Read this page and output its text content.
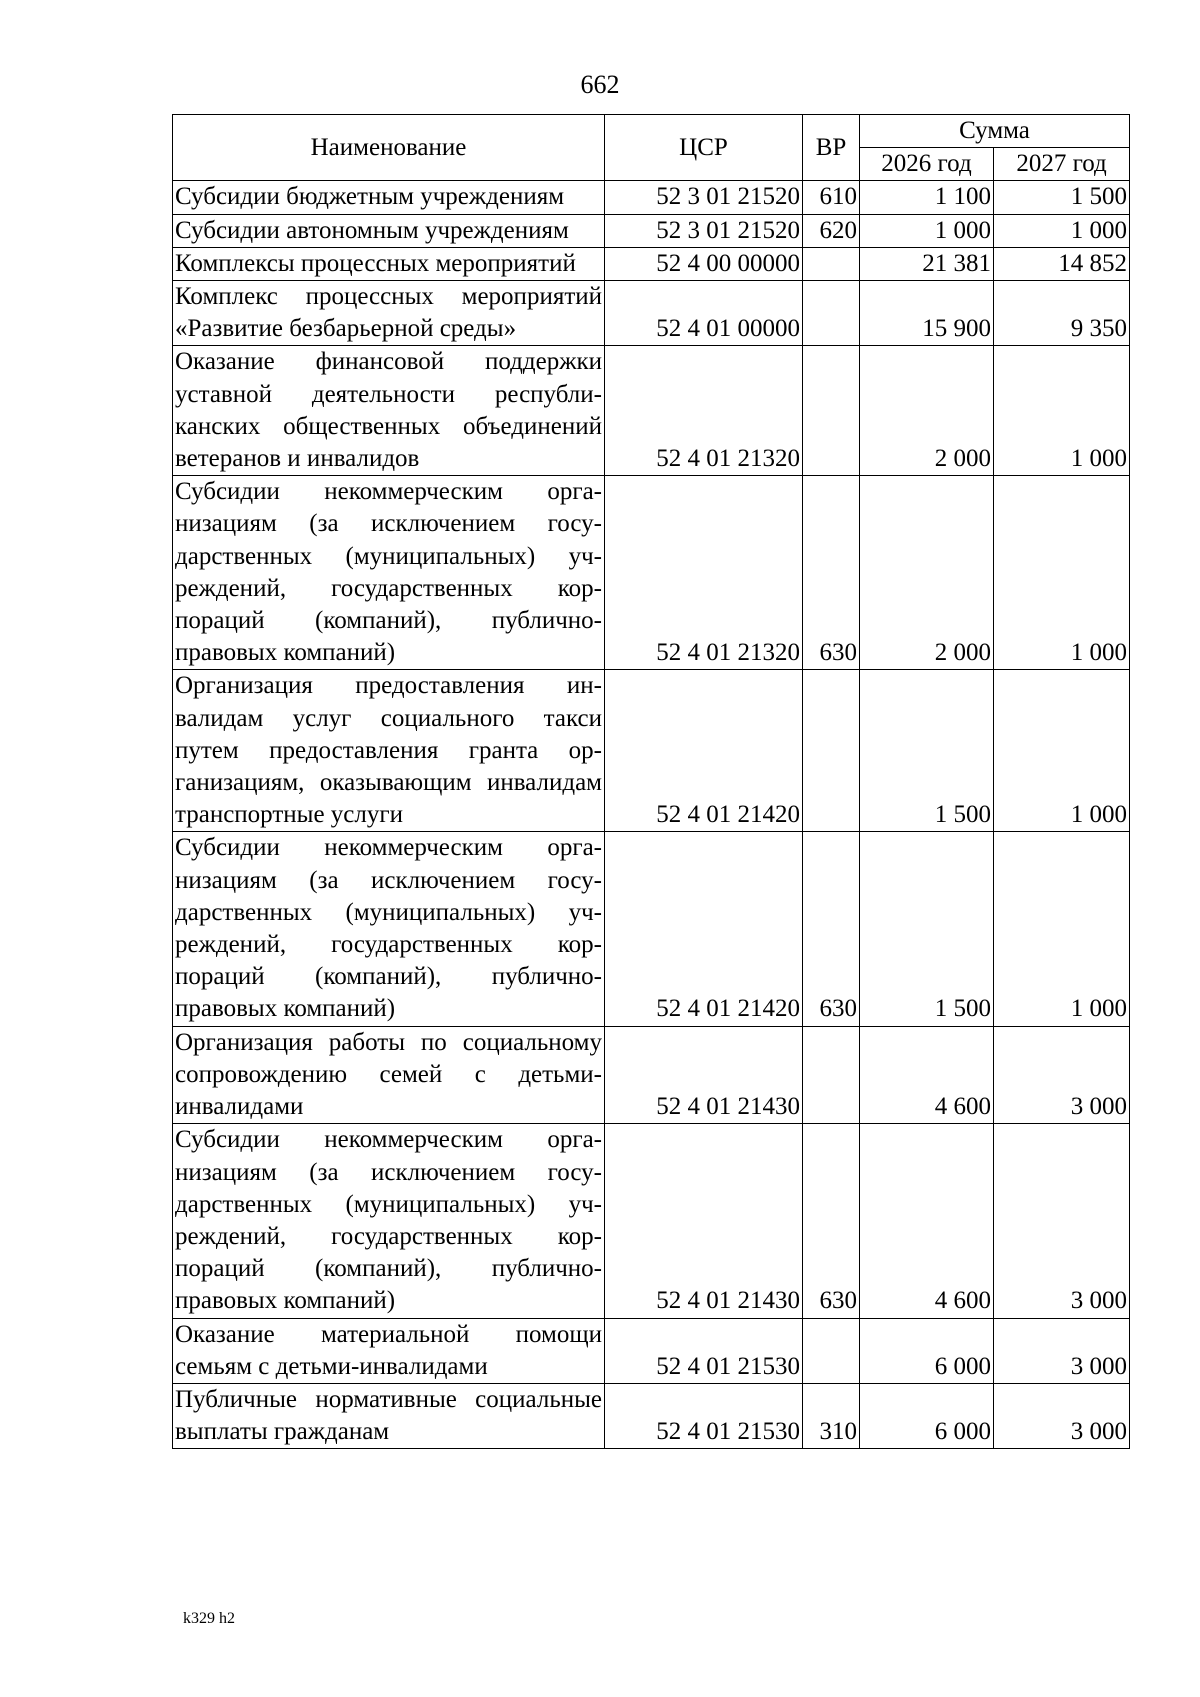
662
Наименование	ЦСР	ВР	Сумма	
			2026 год	2027 год
Субсидии бюджетным учреждениям	52 3 01 21520	610	1 100	1 500
Субсидии автономным учреждениям	52 3 01 21520	620	1 000	1 000
Комплексы процессных мероприятий	52 4 00 00000		21 381	14 852
Комплекс процессных мероприятий «Развитие безбарьерной среды»	52 4 01 00000		15 900	9 350
Оказание финансовой поддержки уставной деятельности республиканских общественных объединений ветеранов и инвалидов	52 4 01 21320		2 000	1 000
Субсидии некоммерческим организациям (за исключением государственных (муниципальных) учреждений, государственных корпораций (компаний), публично-правовых компаний)	52 4 01 21320	630	2 000	1 000
Организация предоставления инвалидам услуг социального такси путем предоставления гранта организациям, оказывающим инвалидам транспортные услуги	52 4 01 21420		1 500	1 000
Субсидии некоммерческим организациям (за исключением государственных (муниципальных) учреждений, государственных корпораций (компаний), публично-правовых компаний)	52 4 01 21420	630	1 500	1 000
Организация работы по социальному сопровождению семей с детьми-инвалидами	52 4 01 21430		4 600	3 000
Субсидии некоммерческим организациям (за исключением государственных (муниципальных) учреждений, государственных корпораций (компаний), публично-правовых компаний)	52 4 01 21430	630	4 600	3 000
Оказание материальной помощи семьям с детьми-инвалидами	52 4 01 21530		6 000	3 000
Публичные нормативные социальные выплаты гражданам	52 4 01 21530	310	6 000	3 000
k329 h2
